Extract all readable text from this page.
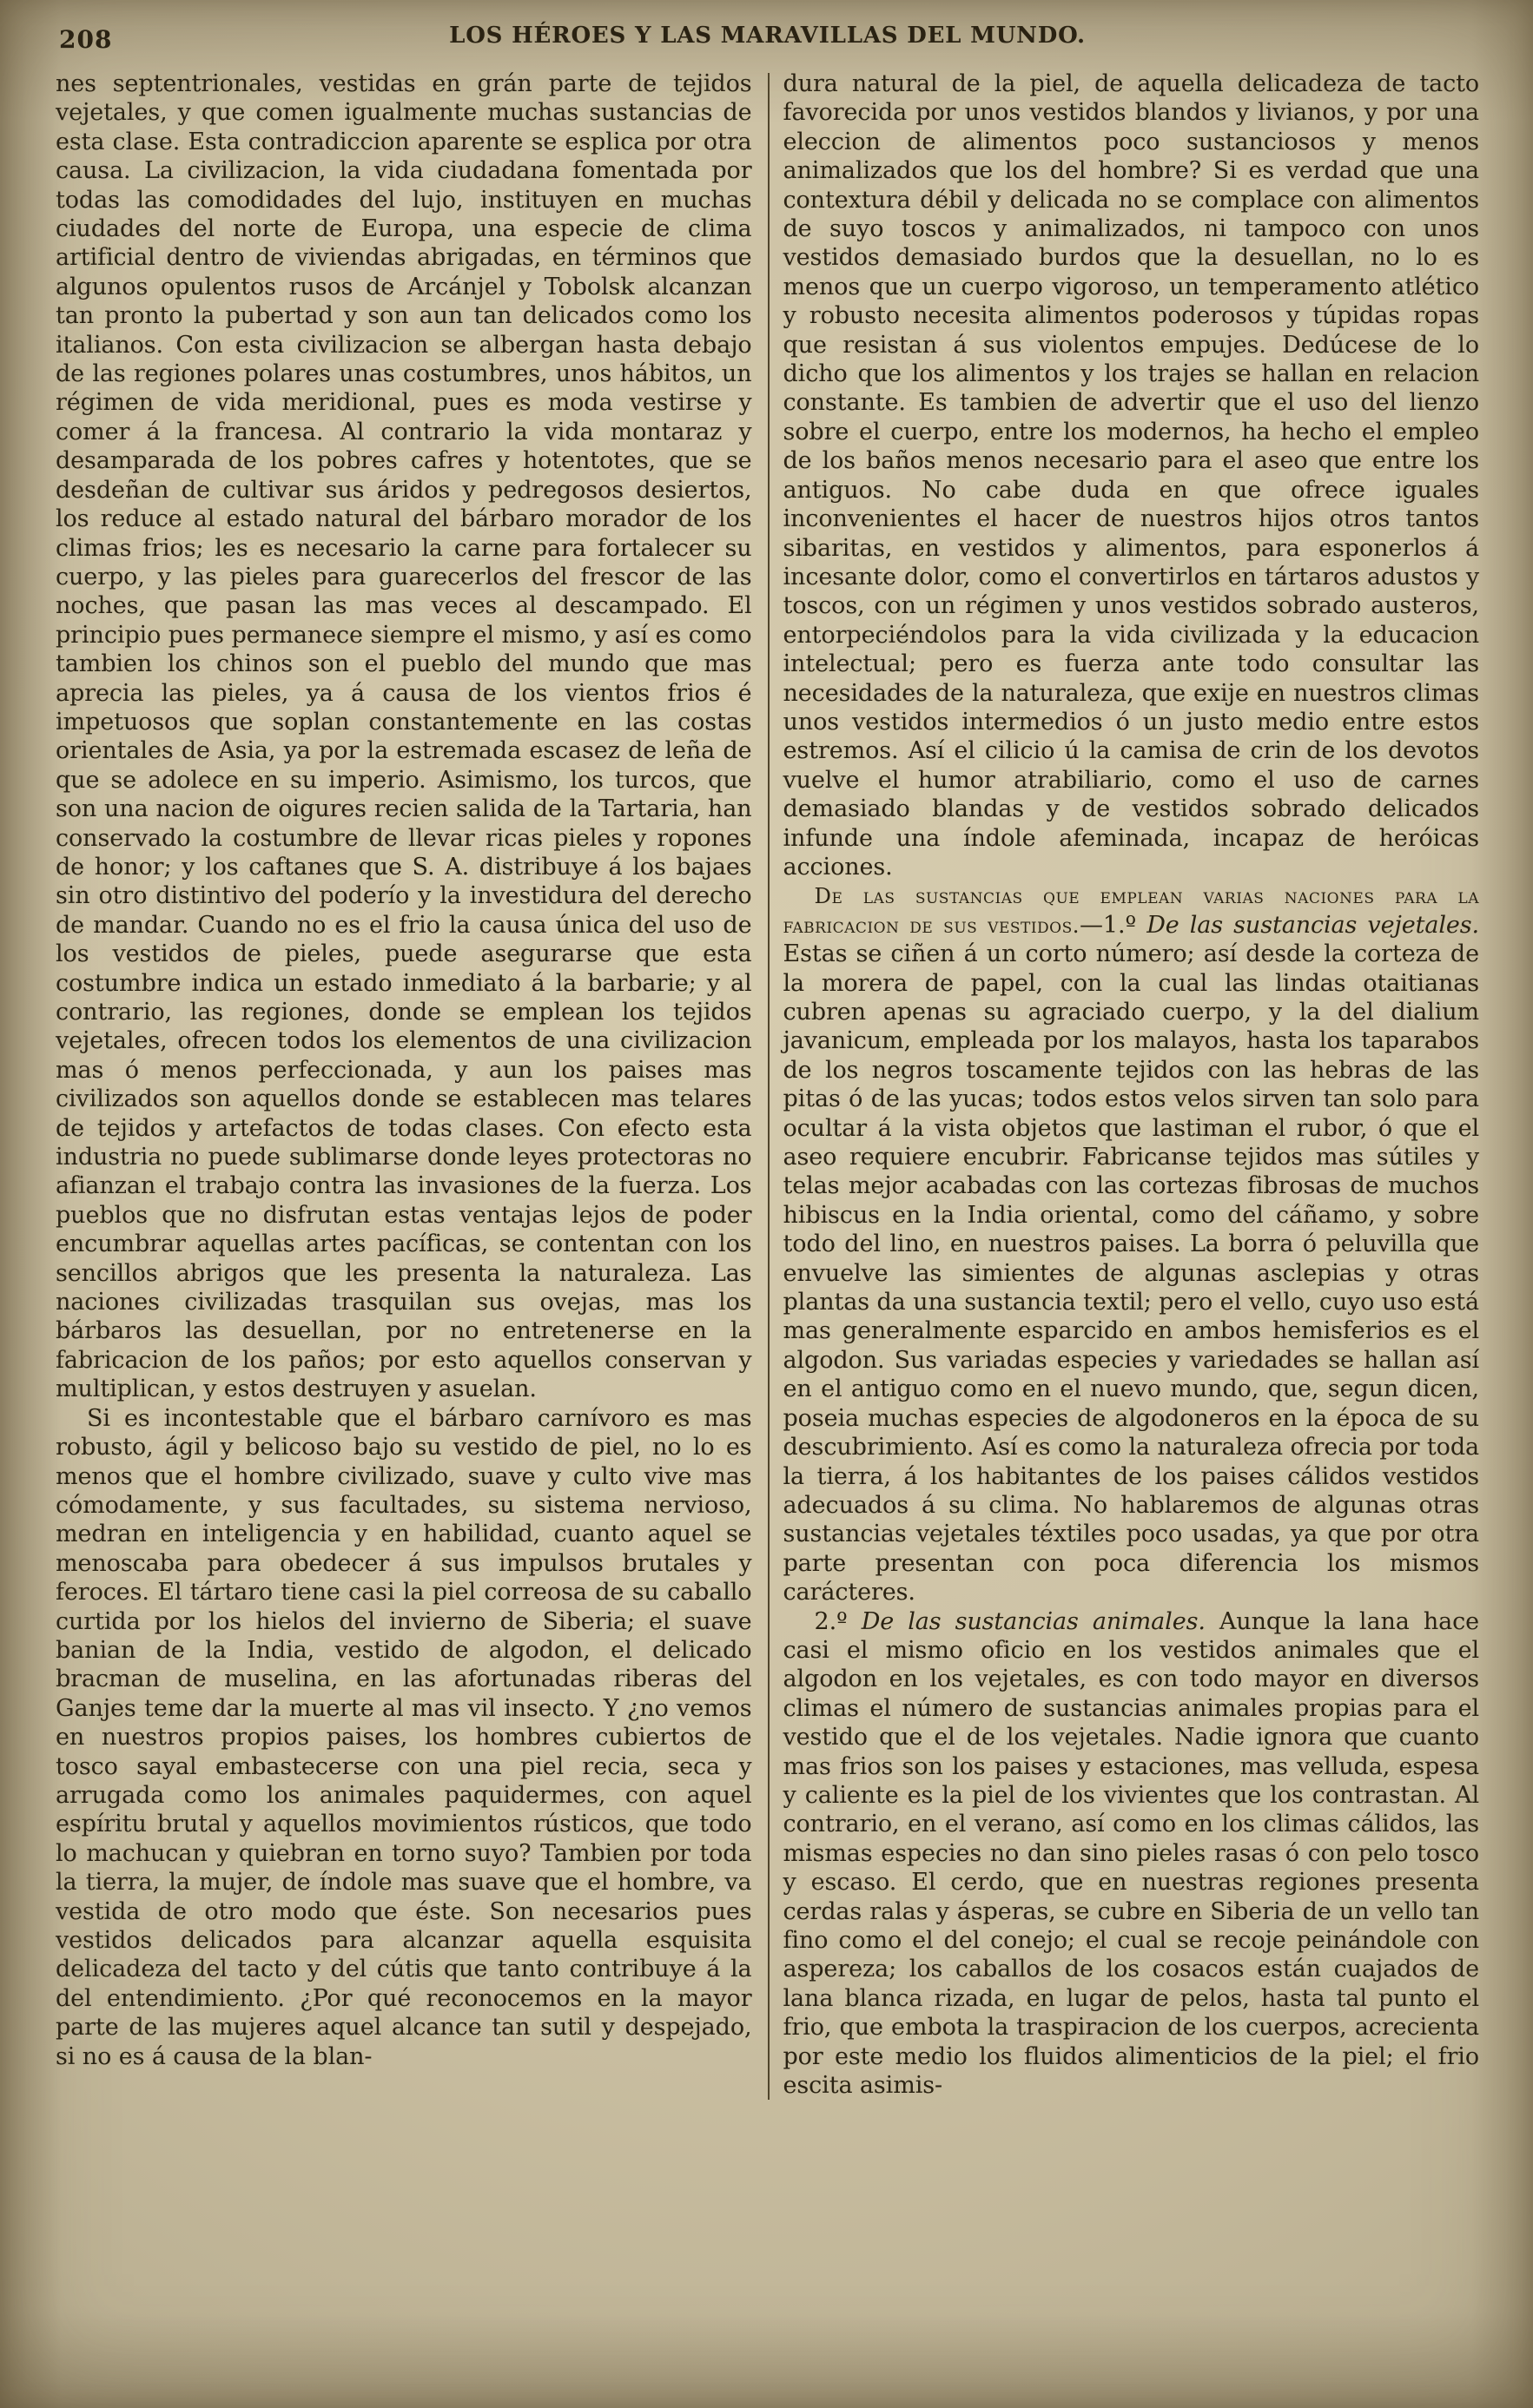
208	LOS HÉROES Y LAS MARAVILLAS DEL MUNDO.

nes septentrionales, vestidas en grán parte de tejidos vejetales, y que comen igualmente muchas sustancias de esta clase. Esta contradiccion aparente se esplica por otra causa. La civilizacion, la vida ciudadana fomentada por todas las comodidades del lujo, instituyen en muchas ciudades del norte de Europa, una especie de clima artificial dentro de viviendas abrigadas, en términos que algunos opulentos rusos de Arcánjel y Tobolsk alcanzan tan pronto la pubertad y son aun tan delicados como los italianos. Con esta civilizacion se albergan hasta debajo de las regiones polares unas costumbres, unos hábitos, un régimen de vida meridional, pues es moda vestirse y comer á la francesa. Al contrario la vida montaraz y desamparada de los pobres cafres y hotentotes, que se desdeñan de cultivar sus áridos y pedregosos desiertos, los reduce al estado natural del bárbaro morador de los climas frios; les es necesario la carne para fortalecer su cuerpo, y las pieles para guarecerlos del frescor de las noches, que pasan las mas veces al descampado. El principio pues permanece siempre el mismo, y así es como tambien los chinos son el pueblo del mundo que mas aprecia las pieles, ya á causa de los vientos frios é impetuosos que soplan constantemente en las costas orientales de Asia, ya por la estremada escasez de leña de que se adolece en su imperio. Asimismo, los turcos, que son una nacion de oigures recien salida de la Tartaria, han conservado la costumbre de llevar ricas pieles y ropones de honor; y los caftanes que S. A. distribuye á los bajaes sin otro distintivo del poderío y la investidura del derecho de mandar. Cuando no es el frio la causa única del uso de los vestidos de pieles, puede asegurarse que esta costumbre indica un estado inmediato á la barbarie; y al contrario, las regiones, donde se emplean los tejidos vejetales, ofrecen todos los elementos de una civilizacion mas ó menos perfeccionada, y aun los paises mas civilizados son aquellos donde se establecen mas telares de tejidos y artefactos de todas clases. Con efecto esta industria no puede sublimarse donde leyes protectoras no afianzan el trabajo contra las invasiones de la fuerza. Los pueblos que no disfrutan estas ventajas lejos de poder encumbrar aquellas artes pacíficas, se contentan con los sencillos abrigos que les presenta la naturaleza. Las naciones civilizadas trasquilan sus ovejas, mas los bárbaros las desuellan, por no entretenerse en la fabricacion de los paños; por esto aquellos conservan y multiplican, y estos destruyen y asuelan.

Si es incontestable que el bárbaro carnívoro es mas robusto, ágil y belicoso bajo su vestido de piel, no lo es menos que el hombre civilizado, suave y culto vive mas cómodamente, y sus facultades, su sistema nervioso, medran en inteligencia y en habilidad, cuanto aquel se menoscaba para obedecer á sus impulsos brutales y feroces. El tártaro tiene casi la piel correosa de su caballo curtida por los hielos del invierno de Siberia; el suave banian de la India, vestido de algodon, el delicado bracman de muselina, en las afortunadas riberas del Ganjes teme dar la muerte al mas vil insecto. Y ¿no vemos en nuestros propios paises, los hombres cubiertos de tosco sayal embastecerse con una piel recia, seca y arrugada como los animales paquidermes, con aquel espíritu brutal y aquellos movimientos rústicos, que todo lo machucan y quiebran en torno suyo? Tambien por toda la tierra, la mujer, de índole mas suave que el hombre, va vestida de otro modo que éste. Son necesarios pues vestidos delicados para alcanzar aquella esquisita delicadeza del tacto y del cútis que tanto contribuye á la del entendimiento. ¿Por qué reconocemos en la mayor parte de las mujeres aquel alcance tan sutil y despejado, si no es á causa de la blan-

dura natural de la piel, de aquella delicadeza de tacto favorecida por unos vestidos blandos y livianos, y por una eleccion de alimentos poco sustanciosos y menos animalizados que los del hombre? Si es verdad que una contextura débil y delicada no se complace con alimentos de suyo toscos y animalizados, ni tampoco con unos vestidos demasiado burdos que la desuellan, no lo es menos que un cuerpo vigoroso, un temperamento atlético y robusto necesita alimentos poderosos y túpidas ropas que resistan á sus violentos empujes. Dedúcese de lo dicho que los alimentos y los trajes se hallan en relacion constante. Es tambien de advertir que el uso del lienzo sobre el cuerpo, entre los modernos, ha hecho el empleo de los baños menos necesario para el aseo que entre los antiguos. No cabe duda en que ofrece iguales inconvenientes el hacer de nuestros hijos otros tantos sibaritas, en vestidos y alimentos, para esponerlos á incesante dolor, como el convertirlos en tártaros adustos y toscos, con un régimen y unos vestidos sobrado austeros, entorpeciéndolos para la vida civilizada y la educacion intelectual; pero es fuerza ante todo consultar las necesidades de la naturaleza, que exije en nuestros climas unos vestidos intermedios ó un justo medio entre estos estremos. Así el cilicio ú la camisa de crin de los devotos vuelve el humor atrabiliario, como el uso de carnes demasiado blandas y de vestidos sobrado delicados infunde una índole afeminada, incapaz de heróicas acciones.

De las sustancias que emplean varias naciones para la fabricacion de sus vestidos.—1.º De las sustancias vejetales. Estas se ciñen á un corto número; así desde la corteza de la morera de papel, con la cual las lindas otaitianas cubren apenas su agraciado cuerpo, y la del dialium javanicum, empleada por los malayos, hasta los taparabos de los negros toscamente tejidos con las hebras de las pitas ó de las yucas; todos estos velos sirven tan solo para ocultar á la vista objetos que lastiman el rubor, ó que el aseo requiere encubrir. Fabricanse tejidos mas sútiles y telas mejor acabadas con las cortezas fibrosas de muchos hibiscus en la India oriental, como del cáñamo, y sobre todo del lino, en nuestros paises. La borra ó peluvilla que envuelve las simientes de algunas asclepias y otras plantas da una sustancia textil; pero el vello, cuyo uso está mas generalmente esparcido en ambos hemisferios es el algodon. Sus variadas especies y variedades se hallan así en el antiguo como en el nuevo mundo, que, segun dicen, poseia muchas especies de algodoneros en la época de su descubrimiento. Así es como la naturaleza ofrecia por toda la tierra, á los habitantes de los paises cálidos vestidos adecuados á su clima. No hablaremos de algunas otras sustancias vejetales téxtiles poco usadas, ya que por otra parte presentan con poca diferencia los mismos carácteres.

2.º De las sustancias animales. Aunque la lana hace casi el mismo oficio en los vestidos animales que el algodon en los vejetales, es con todo mayor en diversos climas el número de sustancias animales propias para el vestido que el de los vejetales. Nadie ignora que cuanto mas frios son los paises y estaciones, mas velluda, espesa y caliente es la piel de los vivientes que los contrastan. Al contrario, en el verano, así como en los climas cálidos, las mismas especies no dan sino pieles rasas ó con pelo tosco y escaso. El cerdo, que en nuestras regiones presenta cerdas ralas y ásperas, se cubre en Siberia de un vello tan fino como el del conejo; el cual se recoje peinándole con aspereza; los caballos de los cosacos están cuajados de lana blanca rizada, en lugar de pelos, hasta tal punto el frio, que embota la traspiracion de los cuerpos, acrecienta por este medio los fluidos alimenticios de la piel; el frio escita asimis-
